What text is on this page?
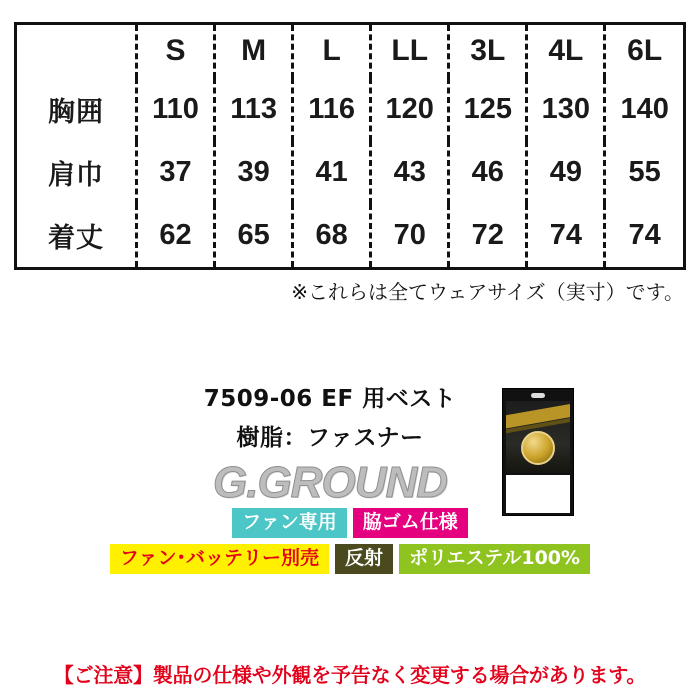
	S	M	L	LL	3L	4L	6L
胸囲	110	113	116	120	125	130	140
肩巾	37	39	41	43	46	49	55
着丈	62	65	68	70	72	74	74
※これらは全てウェアサイズ（実寸）です。
7509-06 EF 用ベスト
樹脂：ファスナー
G.GROUND
ファン専用	脇ゴム仕様
ファン･バッテリー別売	反射	ポリエステル100%
【ご注意】製品の仕様や外観を予告なく変更する場合があります。
